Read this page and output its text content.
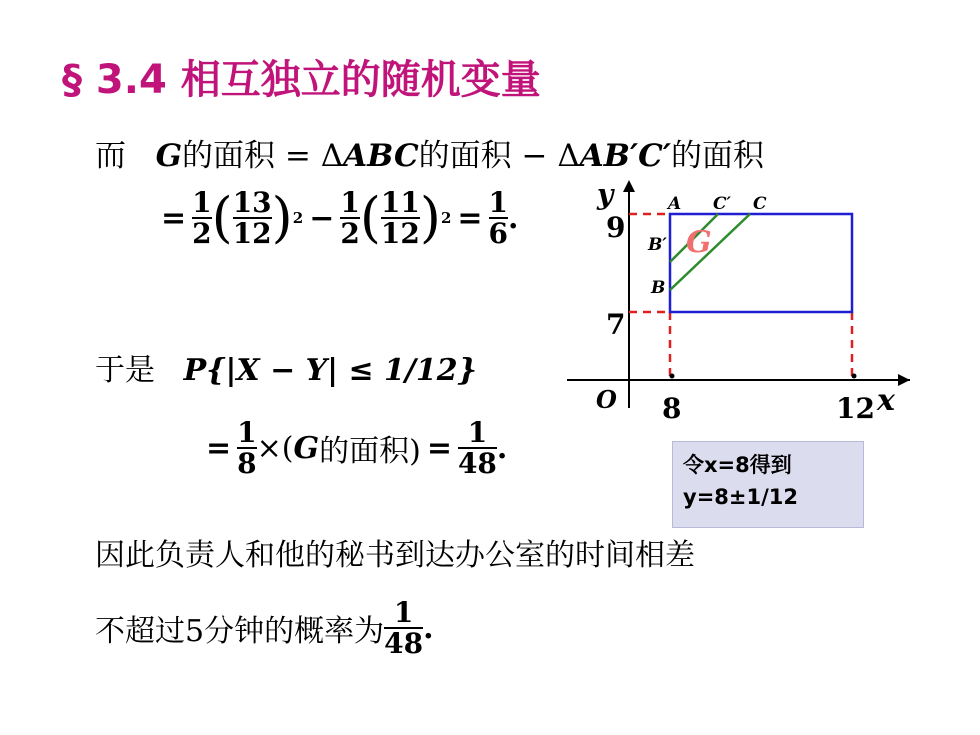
§ 3.4 相互独立的随机变量
而 G的面积 = ΔABC的面积 − ΔAB′C′的面积
= $\frac{1}{2}$ ( $\frac{13}{12}$ ) $2 - \frac{1}{2}$ ( $\frac{11}{12}$ ) $2 = \frac{1}{6}$ .
于是 P{|X − Y| ≤ 1/12}
= $\frac{1}{8}$ ×( G 的面积) = $\frac{1}{48}$ .
因此负责人和他的秘书到达办公室的时间相差
不超过5分钟的概率为 $\frac{1}{48}$ .
令x=8得到
y=8±1/12
y
x
O
9
7
8	12
A C′ C
B′
B
G
